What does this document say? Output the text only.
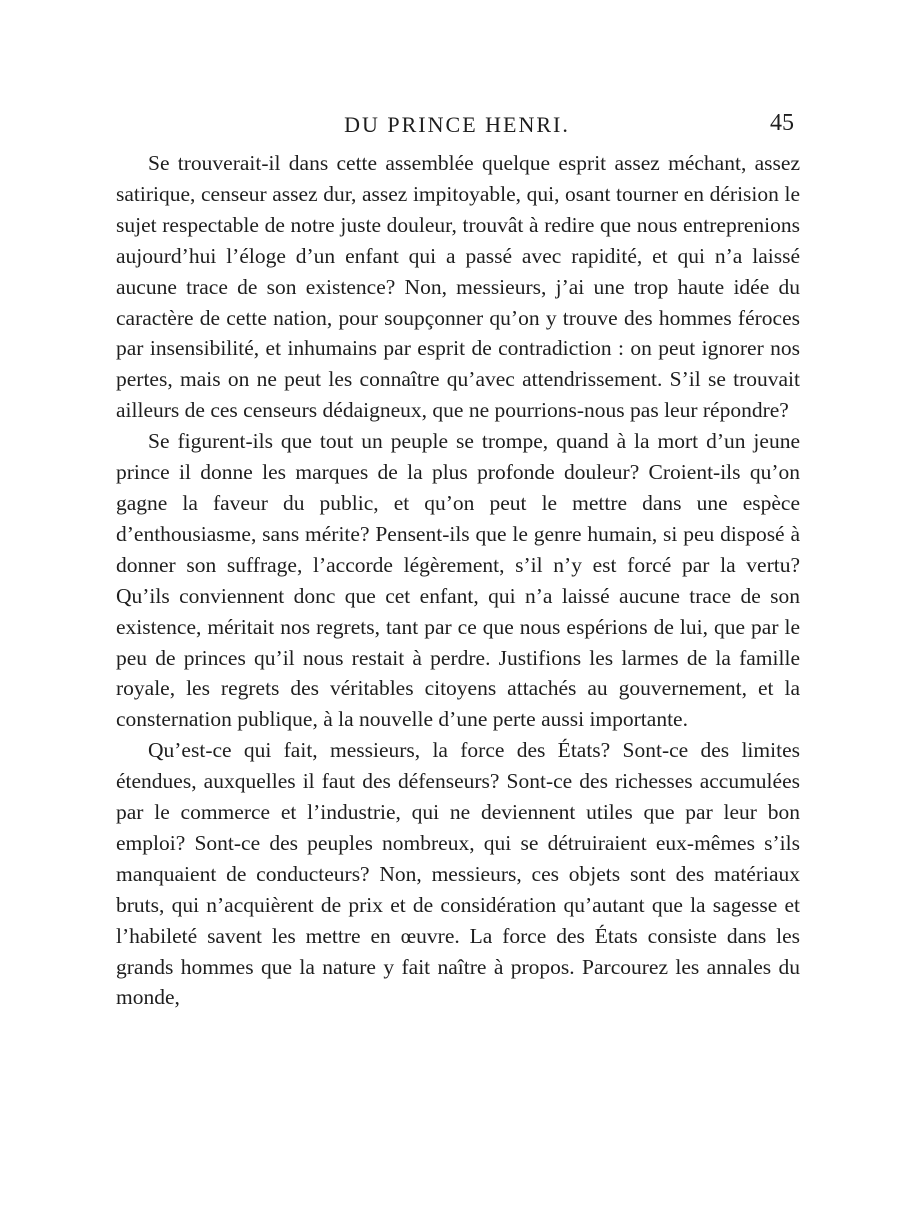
DU PRINCE HENRI.	45

Se trouverait-il dans cette assemblée quelque esprit assez méchant, assez satirique, censeur assez dur, assez impitoyable, qui, osant tourner en dérision le sujet respectable de notre juste douleur, trouvât à redire que nous entreprenions aujourd’hui l’éloge d’un enfant qui a passé avec rapidité, et qui n’a laissé aucune trace de son existence? Non, messieurs, j’ai une trop haute idée du caractère de cette nation, pour soupçonner qu’on y trouve des hommes féroces par insensibilité, et inhumains par esprit de contradiction : on peut ignorer nos pertes, mais on ne peut les connaître qu’avec attendrissement. S’il se trouvait ailleurs de ces censeurs dédaigneux, que ne pourrions-nous pas leur répondre?

Se figurent-ils que tout un peuple se trompe, quand à la mort d’un jeune prince il donne les marques de la plus profonde douleur? Croient-ils qu’on gagne la faveur du public, et qu’on peut le mettre dans une espèce d’enthousiasme, sans mérite? Pensent-ils que le genre humain, si peu disposé à donner son suffrage, l’accorde légèrement, s’il n’y est forcé par la vertu? Qu’ils conviennent donc que cet enfant, qui n’a laissé aucune trace de son existence, méritait nos regrets, tant par ce que nous espérions de lui, que par le peu de princes qu’il nous restait à perdre. Justifions les larmes de la famille royale, les regrets des véritables citoyens attachés au gouvernement, et la consternation publique, à la nouvelle d’une perte aussi importante.

Qu’est-ce qui fait, messieurs, la force des États? Sont-ce des limites étendues, auxquelles il faut des défenseurs? Sont-ce des richesses accumulées par le commerce et l’industrie, qui ne deviennent utiles que par leur bon emploi? Sont-ce des peuples nombreux, qui se détruiraient eux-mêmes s’ils manquaient de conducteurs? Non, messieurs, ces objets sont des matériaux bruts, qui n’acquièrent de prix et de considération qu’autant que la sagesse et l’habileté savent les mettre en œuvre. La force des États consiste dans les grands hommes que la nature y fait naître à propos. Parcourez les annales du monde,
